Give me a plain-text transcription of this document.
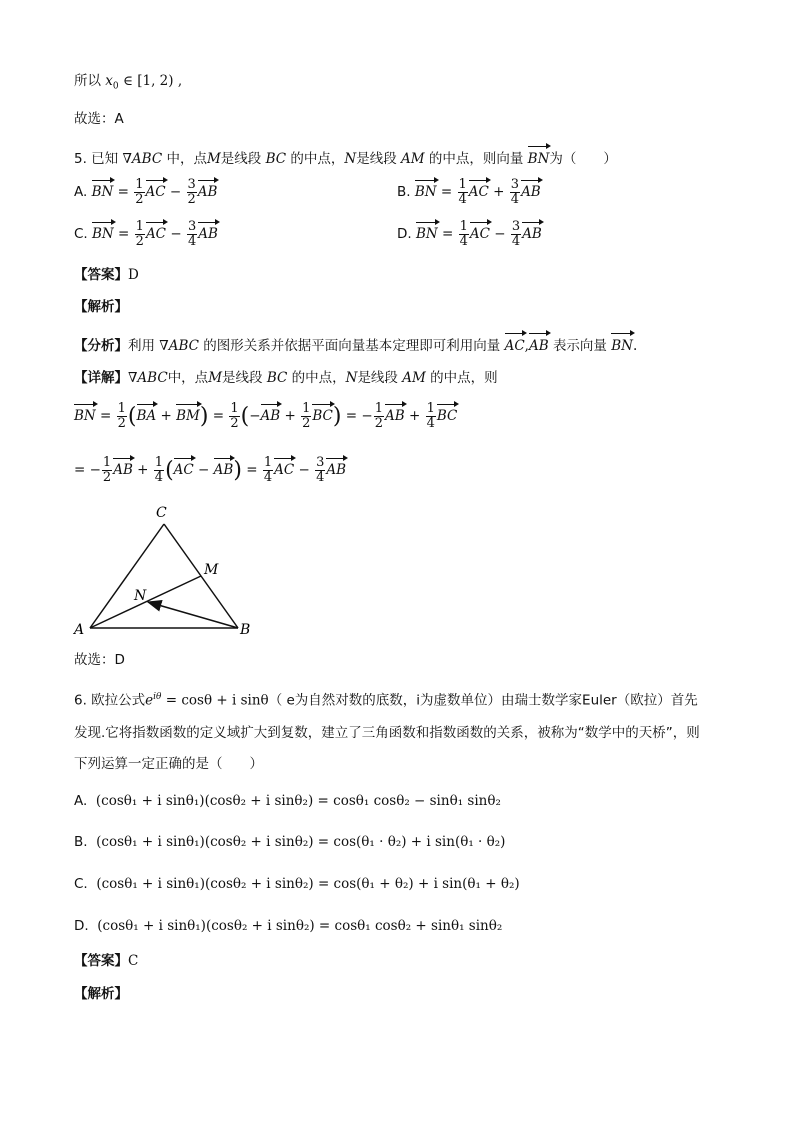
所以 $x_0$ ∈ [1, 2) ,
故选：A
5. 已知 ∇ABC 中，点M是线段 BC 的中点，N是线段 AM 的中点，则向量 BN为（　　）
A. BN = $\frac{1}{2}$ AC − $\frac{3}{2}$ AB	B. BN = $\frac{1}{4}$ AC + $\frac{3}{4}$ AB
C. BN = $\frac{1}{2}$ AC − $\frac{3}{4}$ AB	D. BN = $\frac{1}{4}$ AC − $\frac{3}{4}$ AB
【答案】D
【解析】
【分析】利用 ∇ABC 的图形关系并依据平面向量基本定理即可利用向量 AC,AB 表示向量 BN.
【详解】∇ABC中，点M是线段 BC 的中点，N是线段 AM 的中点，则
BN = $\frac{1}{2} (BA + BM) = \frac{1}{2} (-AB + \frac{1}{2} BC)$ = − $\frac{1}{2}$ AB + $\frac{1}{4}$ BC
= − $\frac{1}{2}$ AB + $\frac{1}{4} (AC - AB) = \frac{1}{4}$ AC − $\frac{3}{4}$ AB
C
M
N
A	B
故选：D
6. 欧拉公式$e^{i\theta} = \cos\theta + i$ sinθ（ e为自然对数的底数，i为虚数单位）由瑞士数学家Euler（欧拉）首先
发现.它将指数函数的定义域扩大到复数，建立了三角函数和指数函数的关系，被称为“数学中的天桥”，则
下列运算一定正确的是（　　）
A. (cosθ₁ + i sinθ₁)(cosθ₂ + i sinθ₂) = cosθ₁ cosθ₂ − sinθ₁ sinθ₂
B. (cosθ₁ + i sinθ₁)(cosθ₂ + i sinθ₂) = cos(θ₁ · θ₂) + i sin(θ₁ · θ₂)
C. (cosθ₁ + i sinθ₁)(cosθ₂ + i sinθ₂) = cos(θ₁ + θ₂) + i sin(θ₁ + θ₂)
D. (cosθ₁ + i sinθ₁)(cosθ₂ + i sinθ₂) = cosθ₁ cosθ₂ + sinθ₁ sinθ₂
【答案】C
【解析】
